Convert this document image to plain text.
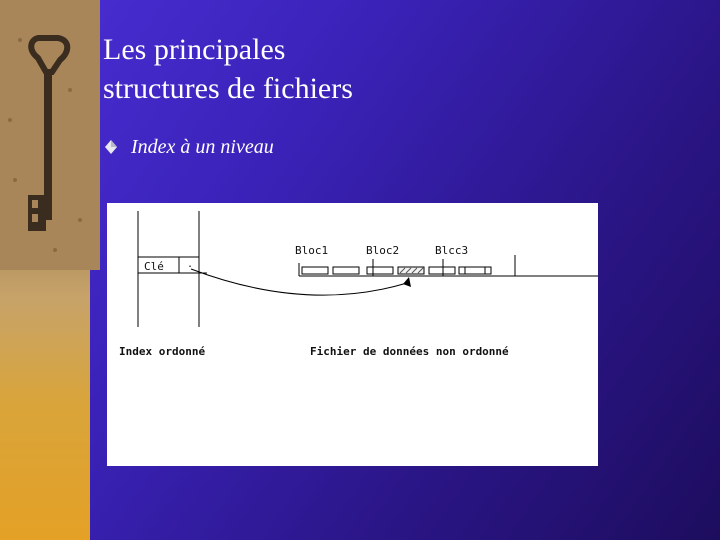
Les principales
structures de fichiers
Index à un niveau
Clé .
Bloc1	Bloc2	Blcc3
Index ordonné	Fichier de données non ordonné
